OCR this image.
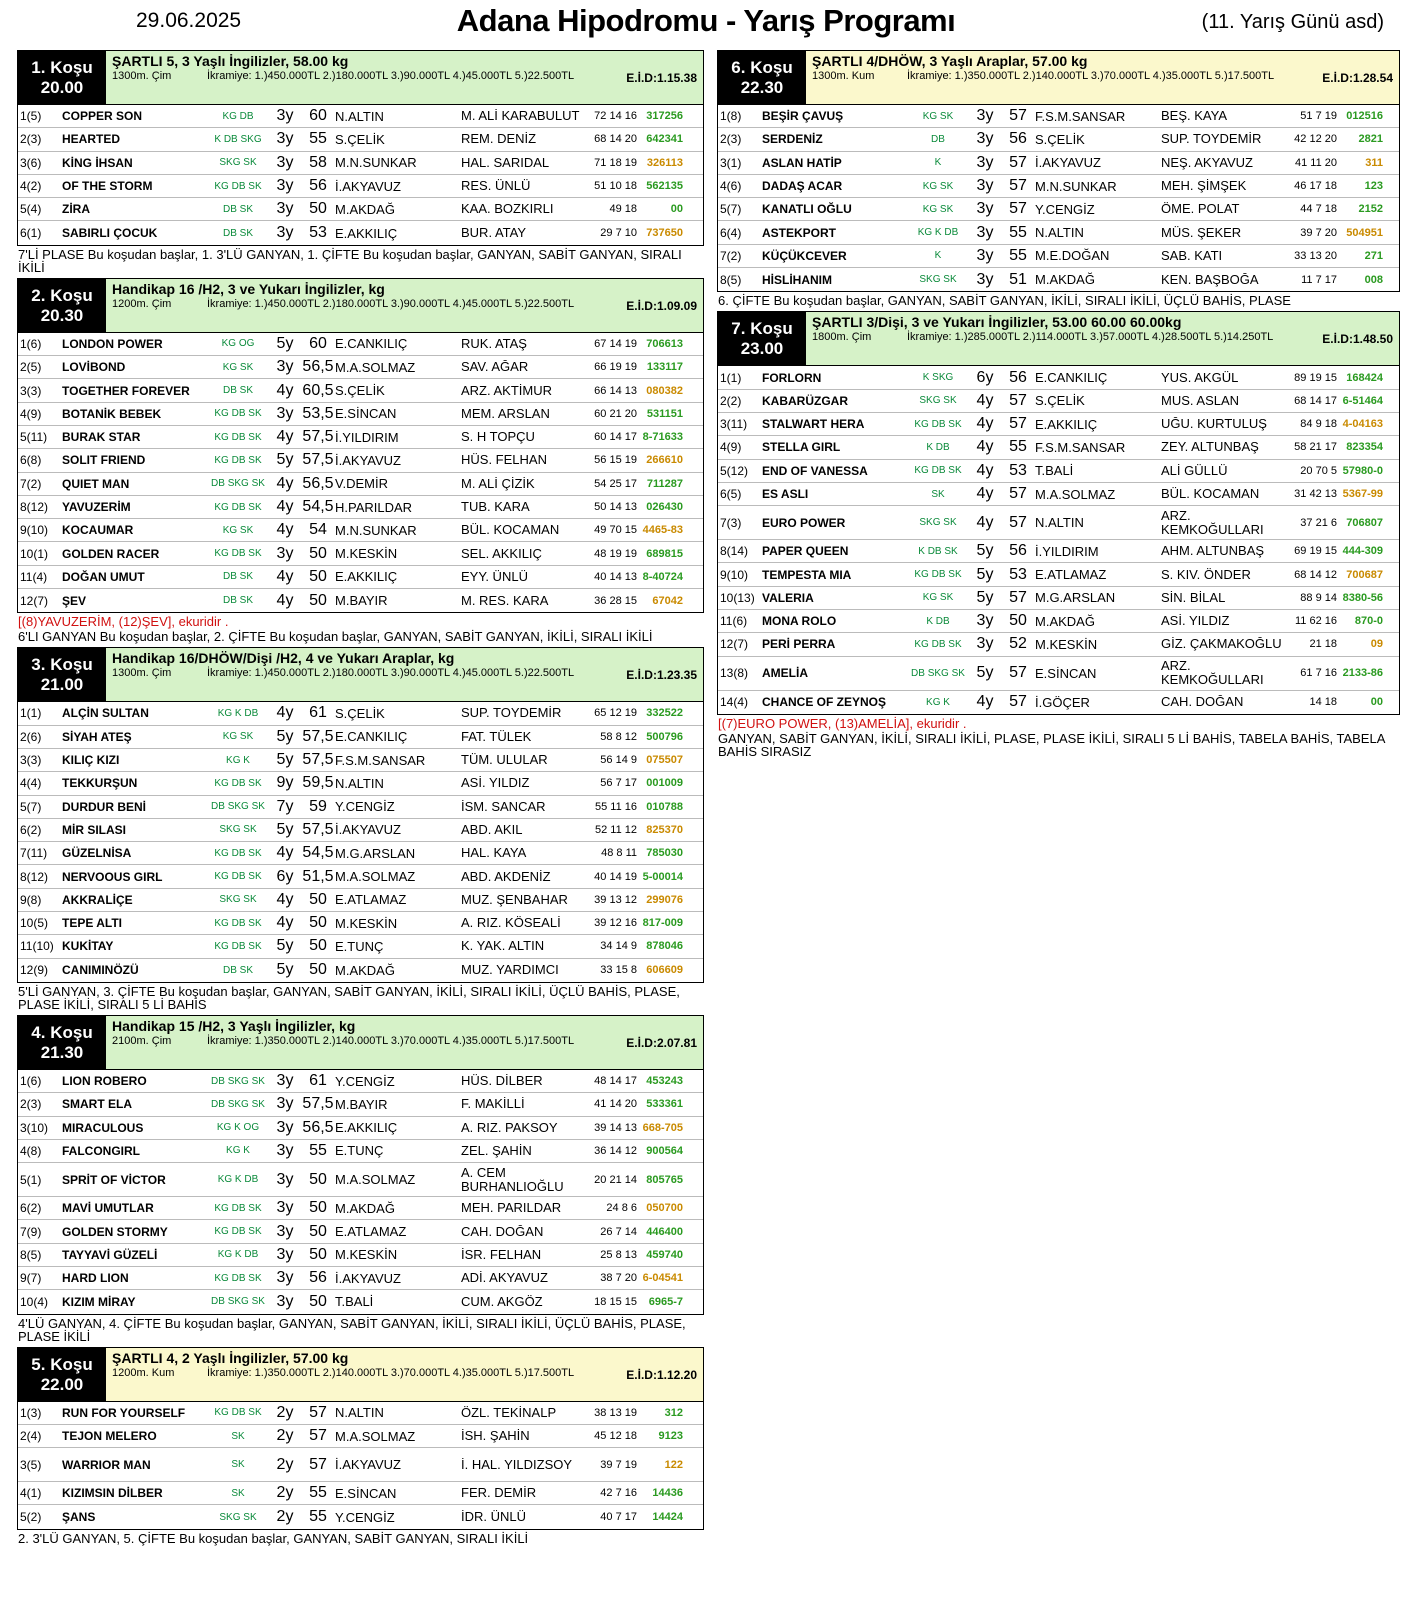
29.06.2025	Adana Hipodromu - Yarış Programı	(11. Yarış Günü asd)
1. Koşu
20.00
ŞARTLI 5, 3 Yaşlı İngilizler, 58.00 kg
1300m. Çim	İkramiye: 1.)450.000TL 2.)180.000TL 3.)90.000TL 4.)45.000TL 5.)22.500TL	E.İ.D:1.15.38
1(5)	COPPER SON	KG DB	3y 60 N.ALTIN	M. ALİ KARABULUT	72 14 16 317256
2(3)	HEARTED	K DB SKG 3y 55 S.ÇELİK	REM. DENİZ	68 14 20 642341
3(6)	KİNG İHSAN	SKG SK	3y 58 M.N.SUNKAR	HAL. SARIDAL	71 18 19 326113
4(2)	OF THE STORM	KG DB SK 3y 56 İ.AKYAVUZ	RES. ÜNLÜ	51 10 18 562135
5(4)	ZİRA	DB SK	3y 50 M.AKDAĞ	KAA. BOZKIRLI	49 18	00
6(1)	SABIRLI ÇOCUK	DB SK	3y 53 E.AKKILIÇ	BUR. ATAY	29 7 10 737650
7'Lİ PLASE Bu koşudan başlar, 1. 3'LÜ GANYAN, 1. ÇİFTE Bu koşudan başlar, GANYAN, SABİT GANYAN, SIRALI İKİLİ
2. Koşu
20.30
Handikap 16 /H2, 3 ve Yukarı İngilizler, kg
1200m. Çim	İkramiye: 1.)450.000TL 2.)180.000TL 3.)90.000TL 4.)45.000TL 5.)22.500TL	E.İ.D:1.09.09
1(6)	LONDON POWER	KG OG	5y 60 E.CANKILIÇ	RUK. ATAŞ	67 14 19 706613
2(5)	LOVİBOND	KG SK	3y 56,5 M.A.SOLMAZ	SAV. AĞAR	66 19 19 133117
3(3)	TOGETHER FOREVER	DB SK	4y 60,5 S.ÇELİK	ARZ. AKTİMUR	66 14 13 080382
4(9)	BOTANİK BEBEK	KG DB SK 3y 53,5 E.SİNCAN	MEM. ARSLAN	60 21 20 531151
5(11)	BURAK STAR	KG DB SK 4y 57,5 İ.YILDIRIM	S. H TOPÇU	60 14 17 8-71633
6(8)	SOLIT FRIEND	KG DB SK 5y 57,5 İ.AKYAVUZ	HÜS. FELHAN	56 15 19 266610
7(2)	QUIET MAN	DB SKG SK 4y 56,5 V.DEMİR	M. ALİ ÇİZİK	54 25 17 711287
8(12)	YAVUZERİM	KG DB SK 4y 54,5 H.PARILDAR	TUB. KARA	50 14 13 026430
9(10)	KOCAUMAR	KG SK	4y 54 M.N.SUNKAR	BÜL. KOCAMAN	49 70 15 4465-83
10(1)	GOLDEN RACER	KG DB SK 3y 50 M.KESKİN	SEL. AKKILIÇ	48 19 19 689815
11(4)	DOĞAN UMUT	DB SK	4y 50 E.AKKILIÇ	EYY. ÜNLÜ	40 14 13 8-40724
12(7)	ŞEV	DB SK	4y 50 M.BAYIR	M. RES. KARA	36 28 15	67042
[(8)YAVUZERİM, (12)ŞEV], ekuridir .
6'LI GANYAN Bu koşudan başlar, 2. ÇİFTE Bu koşudan başlar, GANYAN, SABİT GANYAN, İKİLİ, SIRALI İKİLİ
3. Koşu
21.00
Handikap 16/DHÖW/Dişi /H2, 4 ve Yukarı Araplar, kg
1300m. Çim	İkramiye: 1.)450.000TL 2.)180.000TL 3.)90.000TL 4.)45.000TL 5.)22.500TL	E.İ.D:1.23.35
1(1)	ALÇİN SULTAN	KG K DB	4y 61 S.ÇELİK	SUP. TOYDEMİR	65 12 19 332522
2(6)	SİYAH ATEŞ	KG SK	5y 57,5 E.CANKILIÇ	FAT. TÜLEK	58 8 12 500796
3(3)	KILIÇ KIZI	KG K	5y 57,5 F.S.M.SANSAR	TÜM. ULULAR	56 14 9 075507
4(4)	TEKKURŞUN	KG DB SK 9y 59,5 N.ALTIN	ASİ. YILDIZ	56 7 17 001009
5(7)	DURDUR BENİ	DB SKG SK 7y 59 Y.CENGİZ	İSM. SANCAR	55 11 16 010788
6(2)	MİR SILASI	SKG SK	5y 57,5 İ.AKYAVUZ	ABD. AKIL	52 11 12 825370
7(11)	GÜZELNİSA	KG DB SK 4y 54,5 M.G.ARSLAN	HAL. KAYA	48 8 11 785030
8(12)	NERVOOUS GIRL	KG DB SK 6y 51,5 M.A.SOLMAZ	ABD. AKDENİZ	40 14 19 5-00014
9(8)	AKKRALİÇE	SKG SK	4y 50 E.ATLAMAZ	MUZ. ŞENBAHAR	39 13 12 299076
10(5)	TEPE ALTI	KG DB SK 4y 50 M.KESKİN	A. RIZ. KÖSEALİ	39 12 16 817-009
11(10) KUKİTAY	KG DB SK 5y 50 E.TUNÇ	K. YAK. ALTIN	34 14 9 878046
12(9)	CANIMINÖZÜ	DB SK	5y 50 M.AKDAĞ	MUZ. YARDIMCI	33 15 8 606609
5'Lİ GANYAN, 3. ÇİFTE Bu koşudan başlar, GANYAN, SABİT GANYAN, İKİLİ, SIRALI İKİLİ, ÜÇLÜ BAHİS, PLASE, PLASE İKİLİ, SIRALI 5 Lİ BAHİS
4. Koşu
21.30
Handikap 15 /H2, 3 Yaşlı İngilizler, kg
2100m. Çim	İkramiye: 1.)350.000TL 2.)140.000TL 3.)70.000TL 4.)35.000TL 5.)17.500TL	E.İ.D:2.07.81
1(6)	LION ROBERO	DB SKG SK 3y 61 Y.CENGİZ	HÜS. DİLBER	48 14 17 453243
2(3)	SMART ELA	DB SKG SK 3y 57,5 M.BAYIR	F. MAKİLLİ	41 14 20 533361
3(10)	MIRACULOUS	KG K OG	3y 56,5 E.AKKILIÇ	A. RIZ. PAKSOY	39 14 13 668-705
4(8)	FALCONGIRL	KG K	3y 55 E.TUNÇ	ZEL. ŞAHİN	36 14 12 900564
5(1)	SPRİT OF VİCTOR	KG K DB	3y 50 M.A.SOLMAZ	A. CEM BURHANLIOĞLU	20 21 14 805765
6(2)	MAVİ UMUTLAR	KG DB SK 3y 50 M.AKDAĞ	MEH. PARILDAR	24 8 6 050700
7(9)	GOLDEN STORMY	KG DB SK 3y 50 E.ATLAMAZ	CAH. DOĞAN	26 7 14 446400
8(5)	TAYYAVİ GÜZELİ	KG K DB	3y 50 M.KESKİN	İSR. FELHAN	25 8 13 459740
9(7)	HARD LION	KG DB SK 3y 56 İ.AKYAVUZ	ADİ. AKYAVUZ	38 7 20 6-04541
10(4)	KIZIM MİRAY	DB SKG SK 3y 50 T.BALİ	CUM. AKGÖZ	18 15 15	6965-7
4'LÜ GANYAN, 4. ÇİFTE Bu koşudan başlar, GANYAN, SABİT GANYAN, İKİLİ, SIRALI İKİLİ, ÜÇLÜ BAHİS, PLASE, PLASE İKİLİ
5. Koşu
22.00
ŞARTLI 4, 2 Yaşlı İngilizler, 57.00 kg
1200m. Kum	İkramiye: 1.)350.000TL 2.)140.000TL 3.)70.000TL 4.)35.000TL 5.)17.500TL	E.İ.D:1.12.20
1(3)	RUN FOR YOURSELF	KG DB SK 2y 57 N.ALTIN	ÖZL. TEKİNALP	38 13 19	312
2(4)	TEJON MELERO	SK	2y 57 M.A.SOLMAZ	İSH. ŞAHİN	45 12 18	9123
3(5)	WARRIOR MAN	SK	2y 57 İ.AKYAVUZ	İ. HAL. YILDIZSOY	39 7 19	122
4(1)	KIZIMSIN DİLBER	SK	2y 55 E.SİNCAN	FER. DEMİR	42 7 16	14436
5(2)	ŞANS	SKG SK	2y 55 Y.CENGİZ	İDR. ÜNLÜ	40 7 17	14424
2. 3'LÜ GANYAN, 5. ÇİFTE Bu koşudan başlar, GANYAN, SABİT GANYAN, SIRALI İKİLİ
6. Koşu
22.30
ŞARTLI 4/DHÖW, 3 Yaşlı Araplar, 57.00 kg
1300m. Kum	İkramiye: 1.)350.000TL 2.)140.000TL 3.)70.000TL 4.)35.000TL 5.)17.500TL	E.İ.D:1.28.54
1(8)	BEŞİR ÇAVUŞ	KG SK	3y 57 F.S.M.SANSAR	BEŞ. KAYA	51 7 19 012516
2(3)	SERDENİZ	DB	3y 56 S.ÇELİK	SUP. TOYDEMİR	42 12 20	2821
3(1)	ASLAN HATİP	K	3y 57 İ.AKYAVUZ	NEŞ. AKYAVUZ	41 11 20	311
4(6)	DADAŞ ACAR	KG SK	3y 57 M.N.SUNKAR	MEH. ŞİMŞEK	46 17 18	123
5(7)	KANATLI OĞLU	KG SK	3y 57 Y.CENGİZ	ÖME. POLAT	44 7 18	2152
6(4)	ASTEKPORT	KG K DB	3y 55 N.ALTIN	MÜS. ŞEKER	39 7 20 504951
7(2)	KÜÇÜKCEVER	K	3y 55 M.E.DOĞAN	SAB. KATI	33 13 20	271
8(5)	HİSLİHANIM	SKG SK	3y 51 M.AKDAĞ	KEN. BAŞBOĞA	11 7 17	008
6. ÇİFTE Bu koşudan başlar, GANYAN, SABİT GANYAN, İKİLİ, SIRALI İKİLİ, ÜÇLÜ BAHİS, PLASE
7. Koşu
23.00
ŞARTLI 3/Dişi, 3 ve Yukarı İngilizler, 53.00 60.00 60.00kg
1800m. Çim	İkramiye: 1.)285.000TL 2.)114.000TL 3.)57.000TL 4.)28.500TL 5.)14.250TL	E.İ.D:1.48.50
1(1)	FORLORN	K SKG	6y 56 E.CANKILIÇ	YUS. AKGÜL	89 19 15 168424
2(2)	KABARÜZGAR	SKG SK	4y 57 S.ÇELİK	MUS. ASLAN	68 14 17 6-51464
3(11)	STALWART HERA	KG DB SK 4y 57 E.AKKILIÇ	UĞU. KURTULUŞ	84 9 18 4-04163
4(9)	STELLA GIRL	K DB	4y 55 F.S.M.SANSAR	ZEY. ALTUNBAŞ	58 21 17 823354
5(12)	END OF VANESSA	KG DB SK 4y 53 T.BALİ	ALİ GÜLLÜ	20 70 5 57980-0
6(5)	ES ASLI	SK	4y 57 M.A.SOLMAZ	BÜL. KOCAMAN	31 42 13 5367-99
7(3)	EURO POWER	SKG SK	4y 57 N.ALTIN	ARZ. KEMKOĞULLARI	37 21 6 706807
8(14)	PAPER QUEEN	K DB SK	5y 56 İ.YILDIRIM	AHM. ALTUNBAŞ	69 19 15 444-309
9(10)	TEMPESTA MIA	KG DB SK 5y 53 E.ATLAMAZ	S. KIV. ÖNDER	68 14 12 700687
10(13) VALERIA	KG SK	5y 57 M.G.ARSLAN	SİN. BİLAL	88 9 14 8380-56
11(6)	MONA ROLO	K DB	3y 50 M.AKDAĞ	ASİ. YILDIZ	11 62 16	870-0
12(7)	PERİ PERRA	KG DB SK 3y 52 M.KESKİN	GİZ. ÇAKMAKOĞLU	21 18	09
13(8)	AMELİA	DB SKG SK 5y 57 E.SİNCAN	ARZ. KEMKOĞULLARI	61 7 16 2133-86
14(4)	CHANCE OF ZEYNOŞ	KG K	4y 57 İ.GÖÇER	CAH. DOĞAN	14 18	00
[(7)EURO POWER, (13)AMELİA], ekuridir .
GANYAN, SABİT GANYAN, İKİLİ, SIRALI İKİLİ, PLASE, PLASE İKİLİ, SIRALI 5 Lİ BAHİS, TABELA BAHİS, TABELA BAHİS SIRASIZ
